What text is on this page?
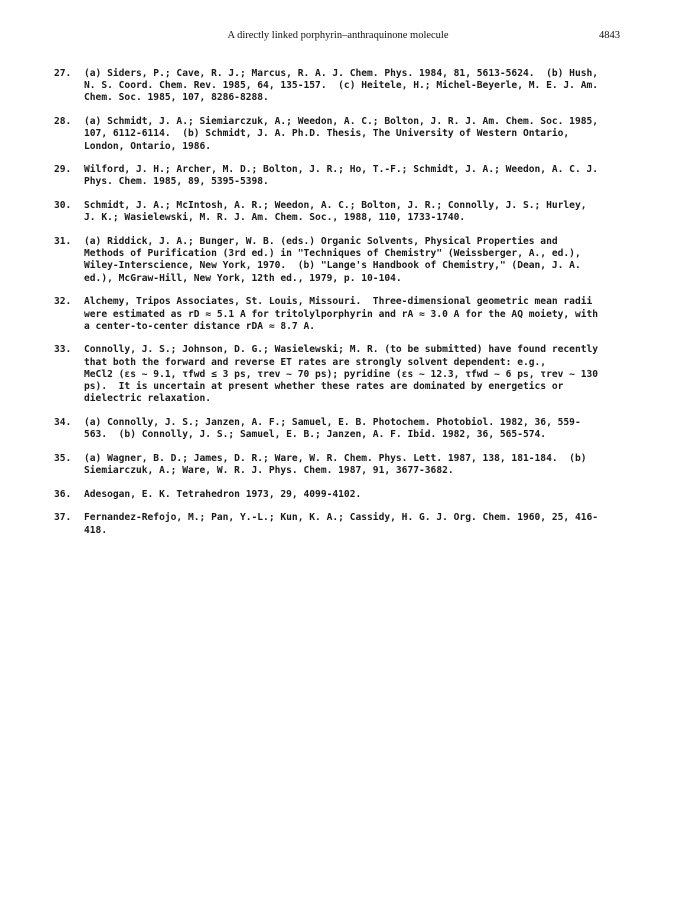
A directly linked porphyrin–anthraquinone molecule	4843
27.	(a) Siders, P.; Cave, R. J.; Marcus, R. A. J. Chem. Phys. 1984, 81, 5613-5624.  (b) Hush,
N. S. Coord. Chem. Rev. 1985, 64, 135-157.  (c) Heitele, H.; Michel-Beyerle, M. E. J. Am.
Chem. Soc. 1985, 107, 8286-8288.
28.	(a) Schmidt, J. A.; Siemiarczuk, A.; Weedon, A. C.; Bolton, J. R. J. Am. Chem. Soc. 1985,
107, 6112-6114.  (b) Schmidt, J. A. Ph.D. Thesis, The University of Western Ontario,
London, Ontario, 1986.
29.	Wilford, J. H.; Archer, M. D.; Bolton, J. R.; Ho, T.-F.; Schmidt, J. A.; Weedon, A. C. J.
Phys. Chem. 1985, 89, 5395-5398.
30.	Schmidt, J. A.; McIntosh, A. R.; Weedon, A. C.; Bolton, J. R.; Connolly, J. S.; Hurley,
J. K.; Wasielewski, M. R. J. Am. Chem. Soc., 1988, 110, 1733-1740.
31.	(a) Riddick, J. A.; Bunger, W. B. (eds.) Organic Solvents, Physical Properties and
Methods of Purification (3rd ed.) in "Techniques of Chemistry" (Weissberger, A., ed.),
Wiley-Interscience, New York, 1970.  (b) "Lange's Handbook of Chemistry," (Dean, J. A.
ed.), McGraw-Hill, New York, 12th ed., 1979, p. 10-104.
32.	Alchemy, Tripos Associates, St. Louis, Missouri.  Three-dimensional geometric mean radii
were estimated as rD ≈ 5.1 A for tritolylporphyrin and rA ≈ 3.0 A for the AQ moiety, with
a center-to-center distance rDA ≈ 8.7 A.
33.	Connolly, J. S.; Johnson, D. G.; Wasielewski; M. R. (to be submitted) have found recently
that both the forward and reverse ET rates are strongly solvent dependent: e.g.,
MeCl2 (εs ~ 9.1, τfwd ≤ 3 ps, τrev ~ 70 ps); pyridine (εs ~ 12.3, τfwd ~ 6 ps, τrev ~ 130
ps).  It is uncertain at present whether these rates are dominated by energetics or
dielectric relaxation.
34.	(a) Connolly, J. S.; Janzen, A. F.; Samuel, E. B. Photochem. Photobiol. 1982, 36, 559-
563.  (b) Connolly, J. S.; Samuel, E. B.; Janzen, A. F. Ibid. 1982, 36, 565-574.
35.	(a) Wagner, B. D.; James, D. R.; Ware, W. R. Chem. Phys. Lett. 1987, 138, 181-184.  (b)
Siemiarczuk, A.; Ware, W. R. J. Phys. Chem. 1987, 91, 3677-3682.
36.	Adesogan, E. K. Tetrahedron 1973, 29, 4099-4102.
37.	Fernandez-Refojo, M.; Pan, Y.-L.; Kun, K. A.; Cassidy, H. G. J. Org. Chem. 1960, 25, 416-
418.
